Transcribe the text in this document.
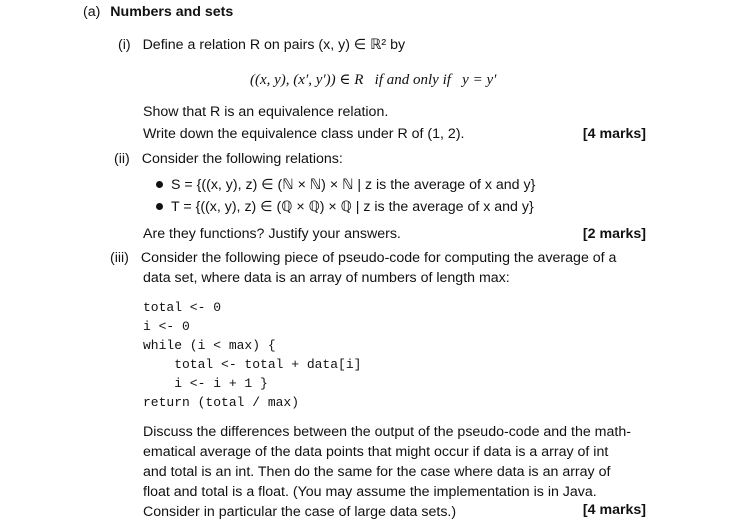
(a) Numbers and sets
(i) Define a relation R on pairs (x, y) ∈ ℝ² by
((x, y), (x′, y′)) ∈ R   if and only if   y = y′
Show that R is an equivalence relation.
Write down the equivalence class under R of (1, 2).	[4 marks]
(ii) Consider the following relations:
S = {((x, y), z) ∈ (ℕ × ℕ) × ℕ | z is the average of x and y}
T = {((x, y), z) ∈ (ℚ × ℚ) × ℚ | z is the average of x and y}
Are they functions? Justify your answers.	[2 marks]
(iii) Consider the following piece of pseudo-code for computing the average of a
data set, where data is an array of numbers of length max:
total <- 0
i <- 0
while (i < max) {
total <- total + data[i]
i <- i + 1 }
return (total / max)
Discuss the differences between the output of the pseudo-code and the math-
ematical average of the data points that might occur if data is a array of int
and total is an int. Then do the same for the case where data is an array of
float and total is a float. (You may assume the implementation is in Java.
Consider in particular the case of large data sets.)	[4 marks]
